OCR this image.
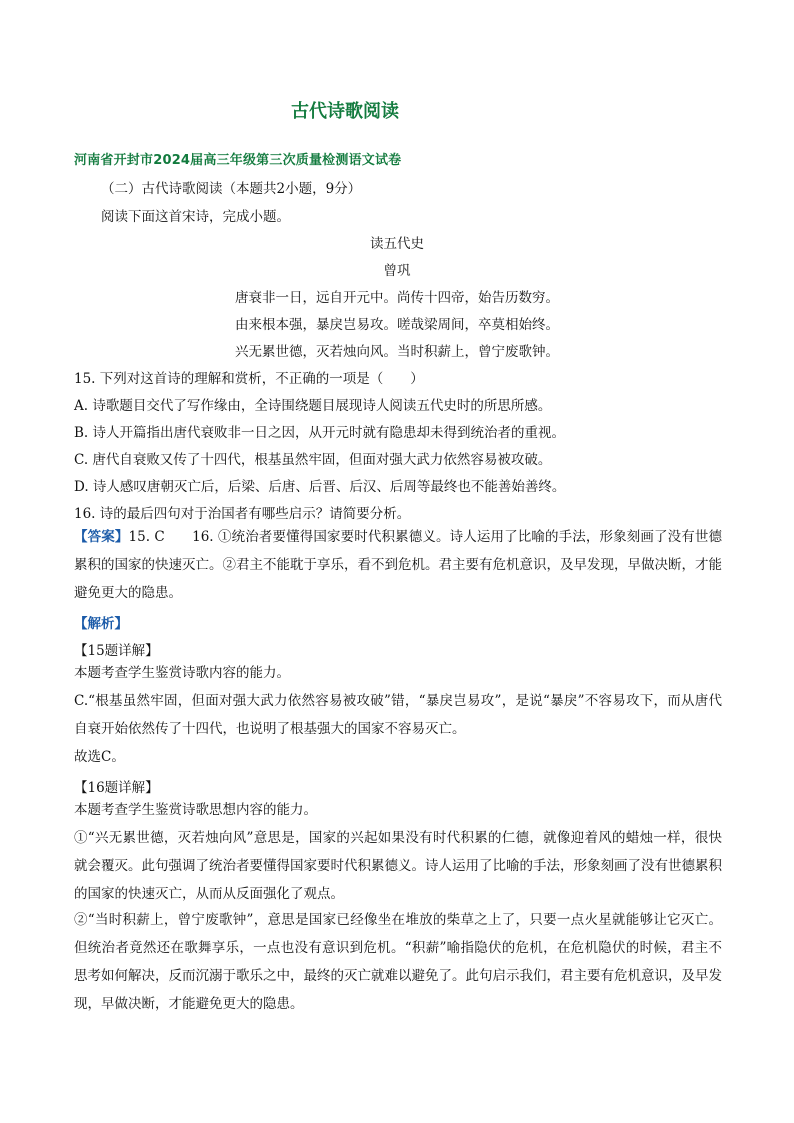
古代诗歌阅读
河南省开封市2024届高三年级第三次质量检测语文试卷
（二）古代诗歌阅读（本题共2小题，9分）
阅读下面这首宋诗，完成小题。
读五代史
曾巩
唐衰非一日，远自开元中。尚传十四帝，始告历数穷。
由来根本强，暴戾岂易攻。嗟哉梁周间，卒莫相始终。
兴无累世德，灭若烛向风。当时积薪上，曾宁废歌钟。
15. 下列对这首诗的理解和赏析，不正确的一项是（　　）
A. 诗歌题目交代了写作缘由，全诗围绕题目展现诗人阅读五代史时的所思所感。
B. 诗人开篇指出唐代衰败非一日之因，从开元时就有隐患却未得到统治者的重视。
C. 唐代自衰败又传了十四代，根基虽然牢固，但面对强大武力依然容易被攻破。
D. 诗人感叹唐朝灭亡后，后梁、后唐、后晋、后汉、后周等最终也不能善始善终。
16. 诗的最后四句对于治国者有哪些启示？请简要分析。
【答案】15. C　　16. ①统治者要懂得国家要时代积累德义。诗人运用了比喻的手法，形象刻画了没有世德累积的国家的快速灭亡。②君主不能耽于享乐，看不到危机。君主要有危机意识，及早发现，早做决断，才能避免更大的隐患。
【解析】
【15题详解】
本题考查学生鉴赏诗歌内容的能力。
C.“根基虽然牢固，但面对强大武力依然容易被攻破”错，“暴戾岂易攻”，是说“暴戾”不容易攻下，而从唐代自衰开始依然传了十四代，也说明了根基强大的国家不容易灭亡。
故选C。
【16题详解】
本题考查学生鉴赏诗歌思想内容的能力。
①“兴无累世德，灭若烛向风”意思是，国家的兴起如果没有时代积累的仁德，就像迎着风的蜡烛一样，很快就会覆灭。此句强调了统治者要懂得国家要时代积累德义。诗人运用了比喻的手法，形象刻画了没有世德累积的国家的快速灭亡，从而从反面强化了观点。
②“当时积薪上，曾宁废歌钟”，意思是国家已经像坐在堆放的柴草之上了，只要一点火星就能够让它灭亡。但统治者竟然还在歌舞享乐，一点也没有意识到危机。“积薪”喻指隐伏的危机，在危机隐伏的时候，君主不思考如何解决，反而沉溺于歌乐之中，最终的灭亡就难以避免了。此句启示我们，君主要有危机意识，及早发现，早做决断，才能避免更大的隐患。
